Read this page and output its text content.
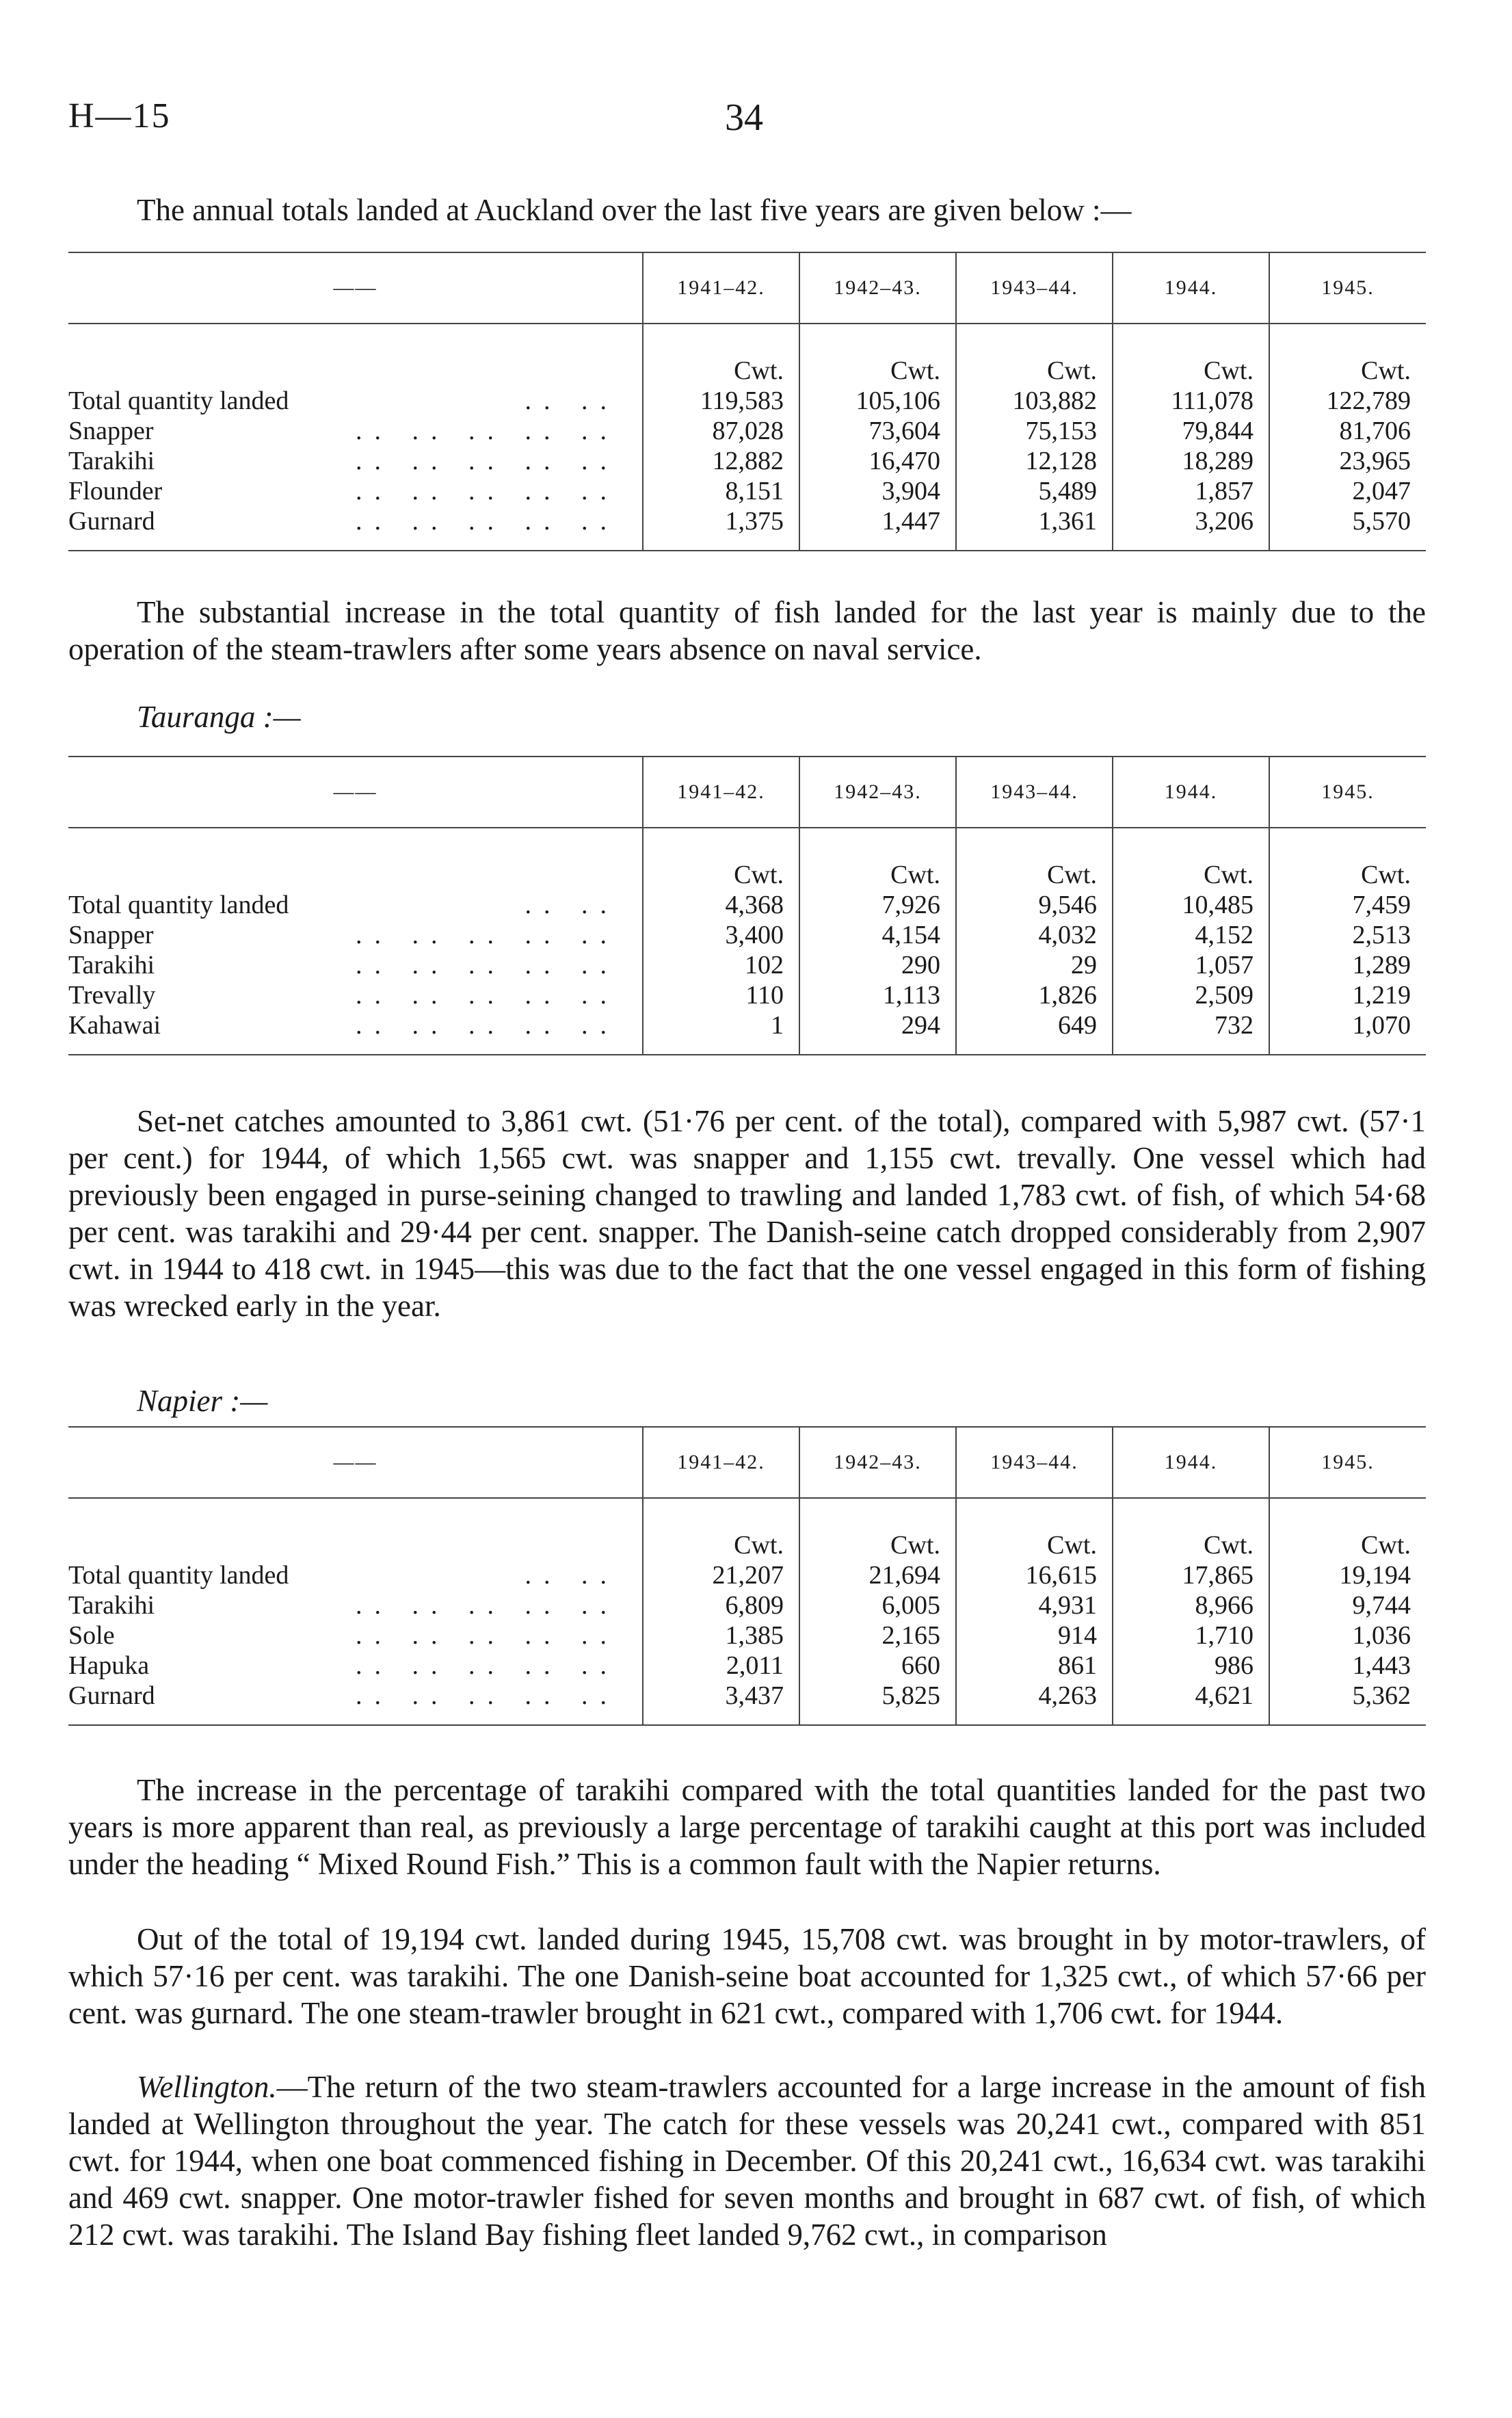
H—15	34

The annual totals landed at Auckland over the last five years are given below :—

——	1941–42.	1942–43.	1943–44.	1944.	1945.
	Cwt.	Cwt.	Cwt.	Cwt.	Cwt.
Total quantity landed .. ..	119,583	105,106	103,882	111,078	122,789
Snapper .. .. .. .. ..	87,028	73,604	75,153	79,844	81,706
Tarakihi .. .. .. .. ..	12,882	16,470	12,128	18,289	23,965
Flounder .. .. .. .. ..	8,151	3,904	5,489	1,857	2,047
Gurnard .. .. .. .. ..	1,375	1,447	1,361	3,206	5,570

The substantial increase in the total quantity of fish landed for the last year is mainly due to the operation of the steam-trawlers after some years absence on naval service.

Tauranga :—
——	1941–42.	1942–43.	1943–44.	1944.	1945.
	Cwt.	Cwt.	Cwt.	Cwt.	Cwt.
Total quantity landed .. ..	4,368	7,926	9,546	10,485	7,459
Snapper .. .. .. .. ..	3,400	4,154	4,032	4,152	2,513
Tarakihi .. .. .. .. ..	102	290	29	1,057	1,289
Trevally .. .. .. .. ..	110	1,113	1,826	2,509	1,219
Kahawai .. .. .. .. ..	1	294	649	732	1,070

Set-net catches amounted to 3,861 cwt. (51·76 per cent. of the total), compared with 5,987 cwt. (57·1 per cent.) for 1944, of which 1,565 cwt. was snapper and 1,155 cwt. trevally. One vessel which had previously been engaged in purse-seining changed to trawling and landed 1,783 cwt. of fish, of which 54·68 per cent. was tarakihi and 29·44 per cent. snapper. The Danish-seine catch dropped considerably from 2,907 cwt. in 1944 to 418 cwt. in 1945—this was due to the fact that the one vessel engaged in this form of fishing was wrecked early in the year.

Napier :—
——	1941–42.	1942–43.	1943–44.	1944.	1945.
	Cwt.	Cwt.	Cwt.	Cwt.	Cwt.
Total quantity landed .. ..	21,207	21,694	16,615	17,865	19,194
Tarakihi .. .. .. .. ..	6,809	6,005	4,931	8,966	9,744
Sole .. .. .. .. ..	1,385	2,165	914	1,710	1,036
Hapuka .. .. .. .. ..	2,011	660	861	986	1,443
Gurnard .. .. .. .. ..	3,437	5,825	4,263	4,621	5,362

The increase in the percentage of tarakihi compared with the total quantities landed for the past two years is more apparent than real, as previously a large percentage of tarakihi caught at this port was included under the heading “ Mixed Round Fish.” This is a common fault with the Napier returns.

Out of the total of 19,194 cwt. landed during 1945, 15,708 cwt. was brought in by motor-trawlers, of which 57·16 per cent. was tarakihi. The one Danish-seine boat accounted for 1,325 cwt., of which 57·66 per cent. was gurnard. The one steam-trawler brought in 621 cwt., compared with 1,706 cwt. for 1944.

Wellington.—The return of the two steam-trawlers accounted for a large increase in the amount of fish landed at Wellington throughout the year. The catch for these vessels was 20,241 cwt., compared with 851 cwt. for 1944, when one boat commenced fishing in December. Of this 20,241 cwt., 16,634 cwt. was tarakihi and 469 cwt. snapper. One motor-trawler fished for seven months and brought in 687 cwt. of fish, of which 212 cwt. was tarakihi. The Island Bay fishing fleet landed 9,762 cwt., in comparison
